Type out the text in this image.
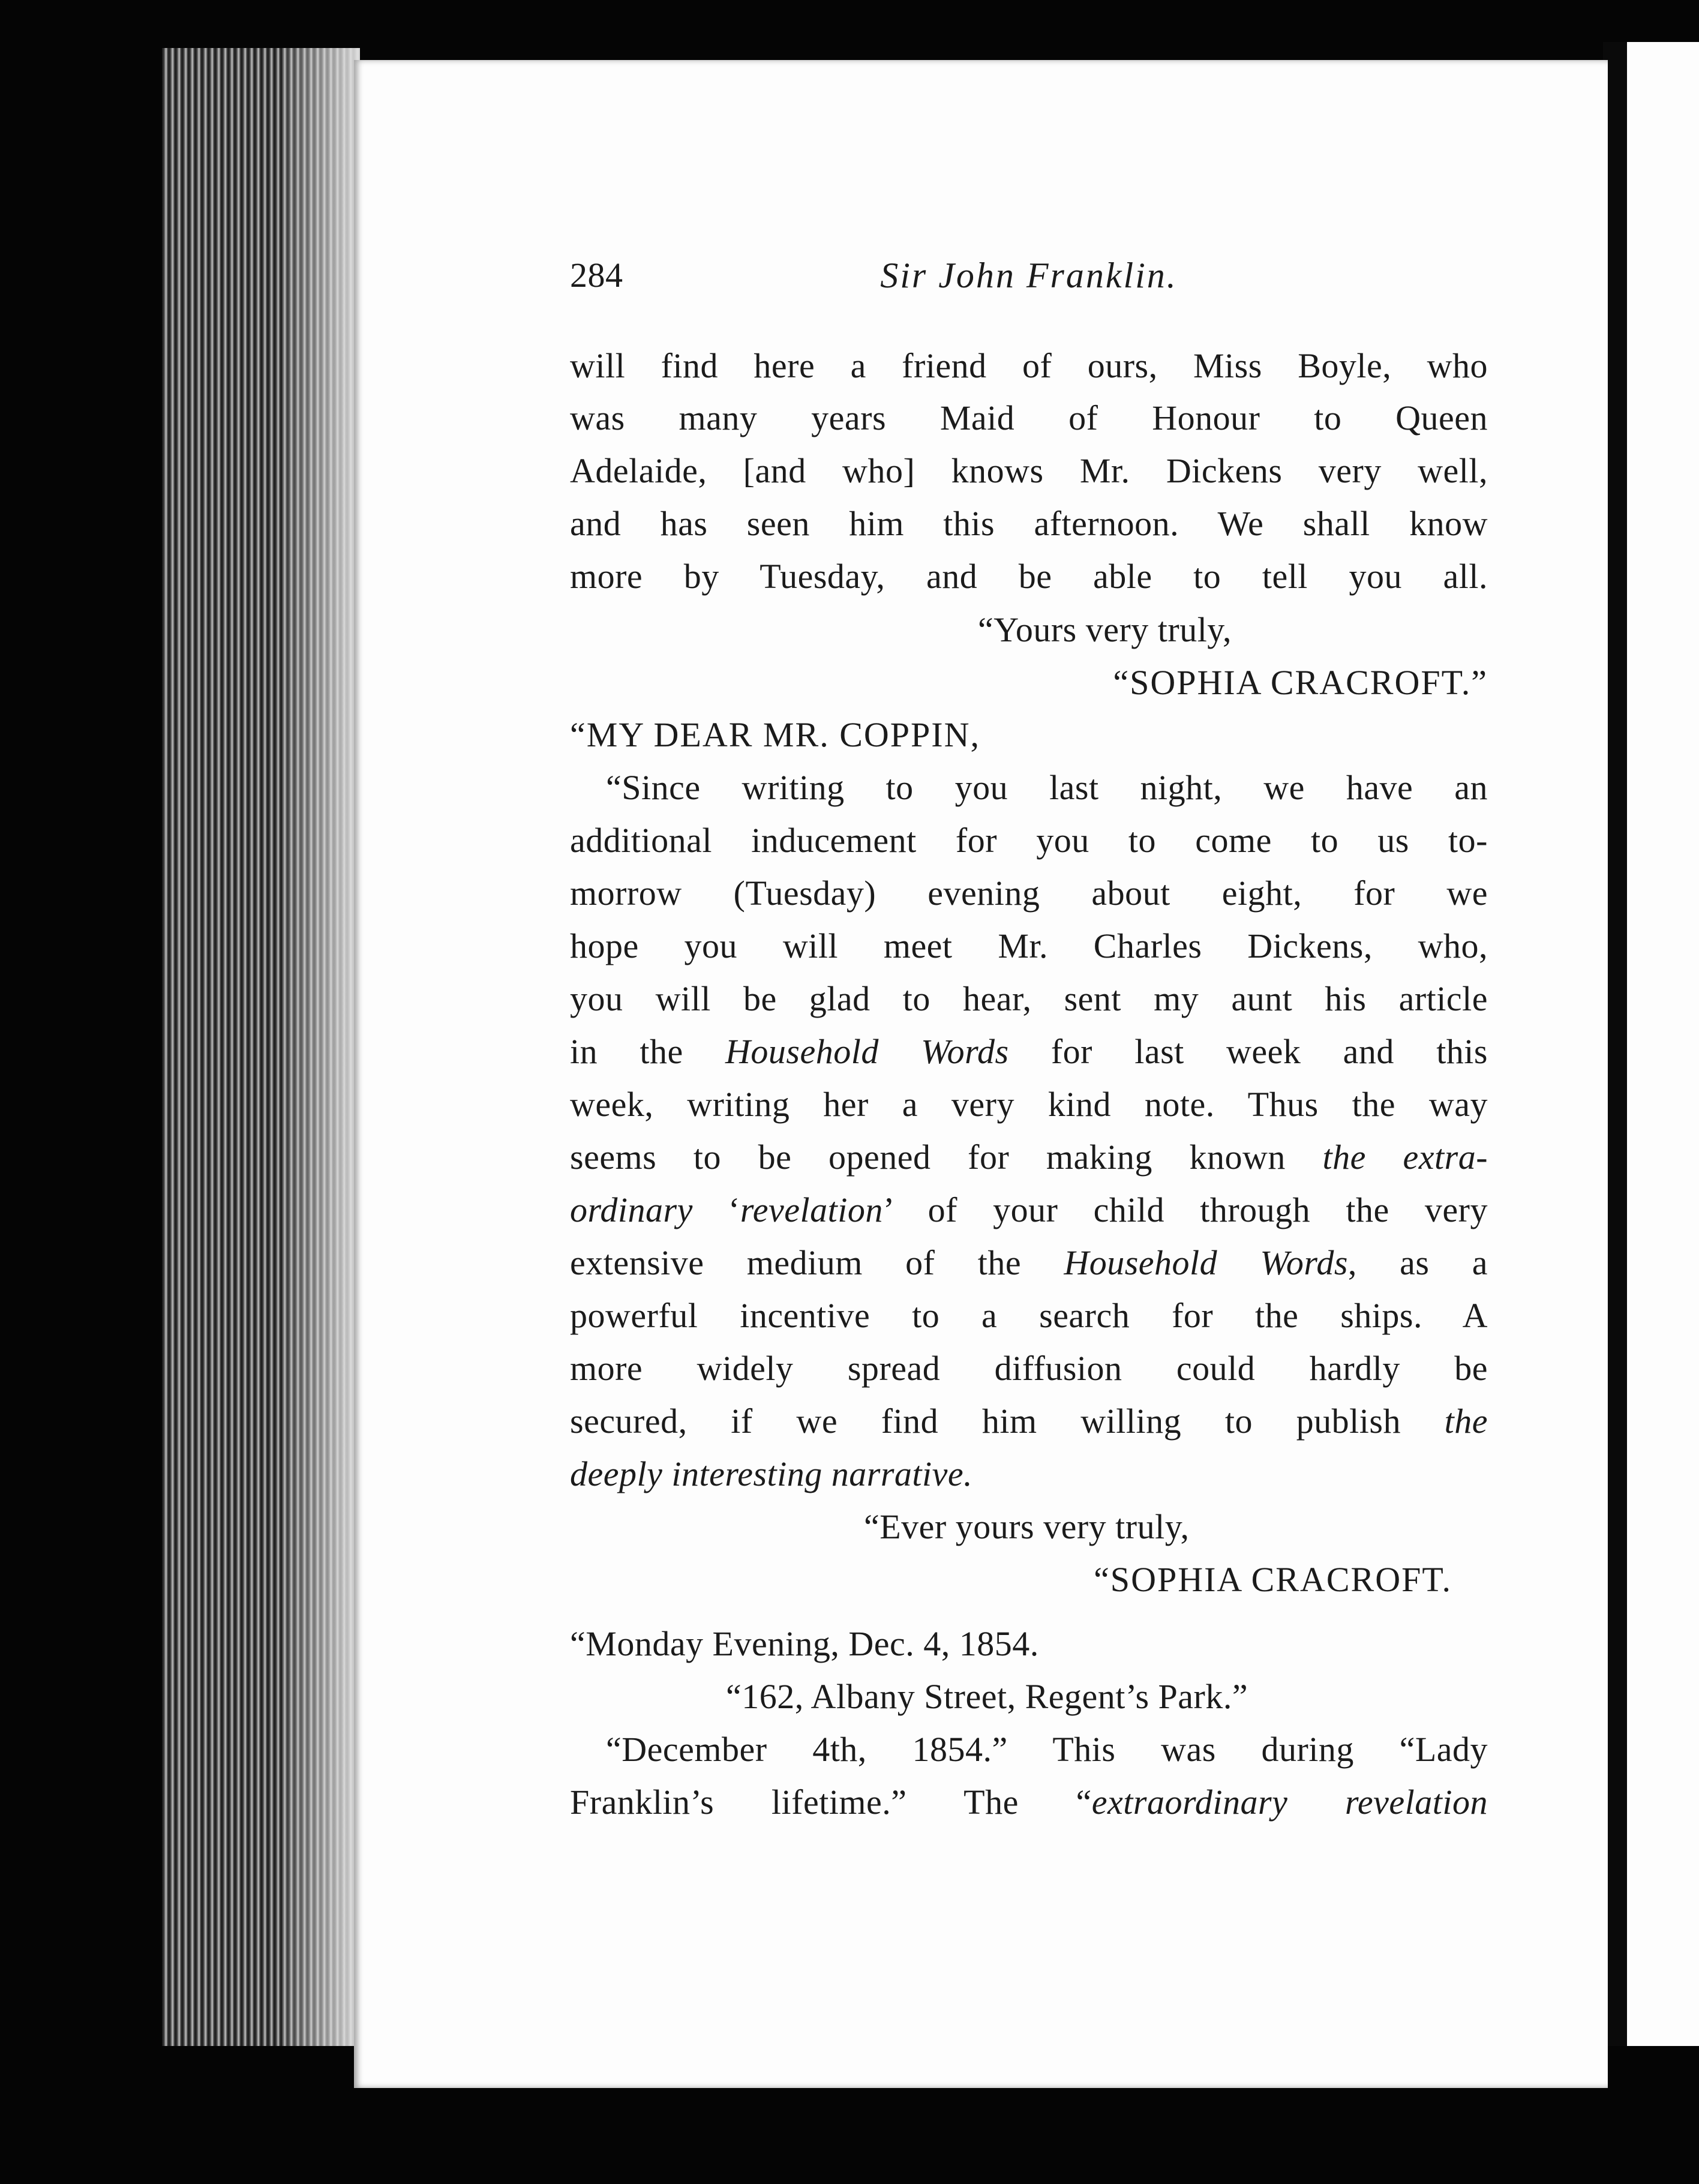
284	Sir John Franklin.
will find here a friend of ours, Miss Boyle, who
was many years Maid of Honour to Queen
Adelaide, [and who] knows Mr. Dickens very well,
and has seen him this afternoon. We shall know
more by Tuesday, and be able to tell you all.
“Yours very truly,
“SOPHIA CRACROFT.”
“MY DEAR MR. COPPIN,
“Since writing to you last night, we have an
additional inducement for you to come to us to-
morrow (Tuesday) evening about eight, for we
hope you will meet Mr. Charles Dickens, who,
you will be glad to hear, sent my aunt his article
in the Household Words for last week and this
week, writing her a very kind note. Thus the way
seems to be opened for making known the extra-
ordinary ‘revelation’ of your child through the very
extensive medium of the Household Words, as a
powerful incentive to a search for the ships. A
more widely spread diffusion could hardly be
secured, if we find him willing to publish the
deeply interesting narrative.
“Ever yours very truly,
“SOPHIA CRACROFT.
“Monday Evening, Dec. 4, 1854.
“162, Albany Street, Regent’s Park.”
“December 4th, 1854.” This was during “Lady
Franklin’s lifetime.” The “extraordinary revelation
